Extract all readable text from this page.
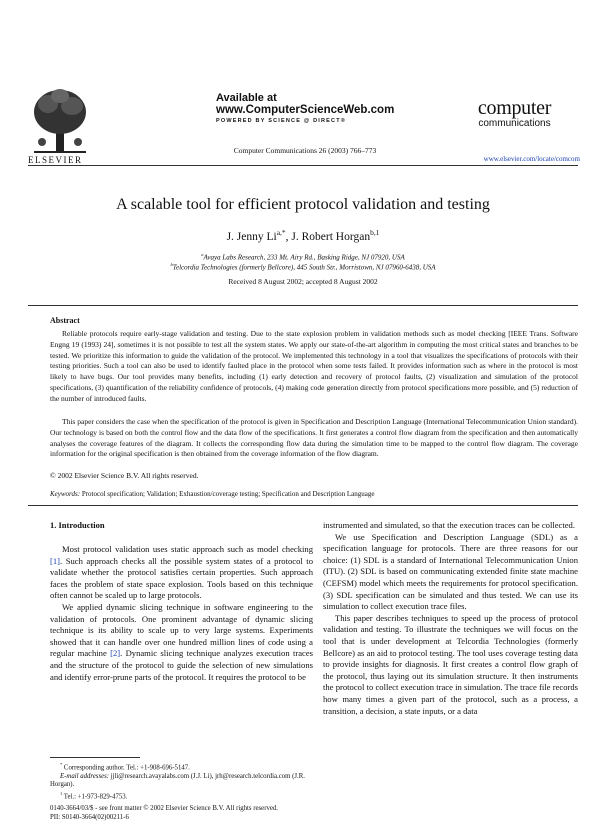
ELSEVIER
Available at
www.ComputerScienceWeb.com
POWERED BY SCIENCE @ DIRECT®
Computer Communications 26 (2003) 766–773
computer
communications
www.elsevier.com/locate/comcom
A scalable tool for efficient protocol validation and testing
J. Jenny $Li^{a,*}$, J. Robert Horgan$^{b,1}$
$^a$Avaya Labs Research, 233 Mt. Airy Rd., Basking Ridge, NJ 07920, USA
$^b$Telcordia Technologies (formerly Bellcore), 445 South Str., Morristown, NJ 07960-6438, USA
Received 8 August 2002; accepted 8 August 2002
Abstract
Reliable protocols require early-stage validation and testing. Due to the state explosion problem in validation methods such as model checking [IEEE Trans. Software Engng 19 (1993) 24], sometimes it is not possible to test all the system states. We apply our state-of-the-art algorithm in computing the most critical states and branches to be tested. We prioritize this information to guide the validation of the protocol. We implemented this technology in a tool that visualizes the specifications of protocols with their testing priorities. Such a tool can also be used to identify faulted place in the protocol when some tests failed. It provides information such as where in the protocol is most likely to have bugs. Our tool provides many benefits, including (1) early detection and recovery of protocol faults, (2) visualization and simulation of the protocol specifications, (3) quantification of the reliability confidence of protocols, (4) making code generation directly from protocol specifications more possible, and (5) reduction of the number of introduced faults.
This paper considers the case when the specification of the protocol is given in Specification and Description Language (International Telecommunication Union standard). Our technology is based on both the control flow and the data flow of the specifications. It first generates a control flow diagram from the specification and then automatically analyses the coverage features of the diagram. It collects the corresponding flow data during the simulation time to be mapped to the control flow diagram. The coverage information for the original specification is then obtained from the coverage information of the flow diagram.
© 2002 Elsevier Science B.V. All rights reserved.
Keywords: Protocol specification; Validation; Exhaustion/coverage testing; Specification and Description Language
1. Introduction

Most protocol validation uses static approach such as model checking [1]. Such approach checks all the possible system states of a protocol to validate whether the protocol satisfies certain properties. Such approach faces the problem of state space explosion. Tools based on this technique often cannot be scaled up to large protocols.

We applied dynamic slicing technique in software engineering to the validation of protocols. One prominent advantage of dynamic slicing technique is its ability to scale up to very large systems. Experiments showed that it can handle over one hundred million lines of code using a regular machine [2]. Dynamic slicing technique analyzes execution traces and the structure of the protocol to guide the selection of new simulations and identify error-prune parts of the protocol. It requires the protocol to be

instrumented and simulated, so that the execution traces can be collected.

We use Specification and Description Language (SDL) as a specification language for protocols. There are three reasons for our choice: (1) SDL is a standard of International Telecommunication Union (ITU). (2) SDL is based on communicating extended finite state machine (CEFSM) model which meets the requirements for protocol specification. (3) SDL specification can be simulated and thus tested. We can use its simulation to collect execution trace files.

This paper describes techniques to speed up the process of protocol validation and testing. To illustrate the techniques we will focus on the tool that is under development at Telcordia Technologies (formerly Bellcore) as an aid to protocol testing. The tool uses coverage testing data to provide insights for diagnosis. It first creates a control flow graph of the protocol, thus laying out its simulation structure. It then instruments the protocol to collect execution trace in simulation. The trace file records how many times a given part of the protocol, such as a process, a transition, a decision, a state inputs, or a data

* Corresponding author. Tel.: +1-908-696-5147.
E-mail addresses: jjli@research.avayalabs.com (J.J. Li), jrh@research.telcordia.com (J.R. Horgan).
$^1$ Tel.: +1-973-829-4753.
0140-3664/03/$ - see front matter © 2002 Elsevier Science B.V. All rights reserved.
PII: S0140-3664(02)00211-6
